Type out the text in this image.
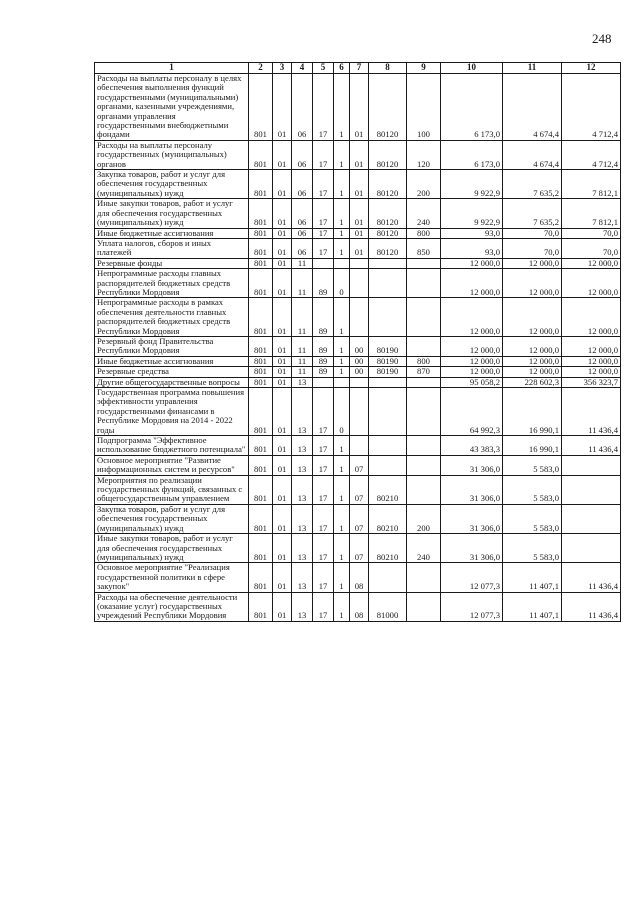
248
1	2	3	4	5	6	7	8	9	10	11	12
Расходы на выплаты персоналу в целях обеспечения выполнения функций государственными (муниципальными) органами, казенными учреждениями, органами управления государственными внебюджетными фондами	801	01	06	17	1	01	80120	100	6 173,0	4 674,4	4 712,4
Расходы на выплаты персоналу государственных (муниципальных) органов	801	01	06	17	1	01	80120	120	6 173,0	4 674,4	4 712,4
Закупка товаров, работ и услуг для обеспечения государственных (муниципальных) нужд	801	01	06	17	1	01	80120	200	9 922,9	7 635,2	7 812,1
Иные закупки товаров, работ и услуг для обеспечения государственных (муниципальных) нужд	801	01	06	17	1	01	80120	240	9 922,9	7 635,2	7 812,1
Иные бюджетные ассигнования	801	01	06	17	1	01	80120	800	93,0	70,0	70,0
Уплата налогов, сборов и иных платежей	801	01	06	17	1	01	80120	850	93,0	70,0	70,0
Резервные фонды	801	01	11						12 000,0	12 000,0	12 000,0
Непрограммные расходы главных распорядителей бюджетных средств Республики Мордовия	801	01	11	89	0				12 000,0	12 000,0	12 000,0
Непрограммные расходы в рамках обеспечения деятельности главных распорядителей бюджетных средств Республики Мордовия	801	01	11	89	1				12 000,0	12 000,0	12 000,0
Резервный фонд Правительства Республики Мордовия	801	01	11	89	1	00	80190		12 000,0	12 000,0	12 000,0
Иные бюджетные ассигнования	801	01	11	89	1	00	80190	800	12 000,0	12 000,0	12 000,0
Резервные средства	801	01	11	89	1	00	80190	870	12 000,0	12 000,0	12 000,0
Другие общегосударственные вопросы	801	01	13						95 058,2	228 602,3	356 323,7
Государственная программа повышения эффективности управления государственными финансами в Республике Мордовия на 2014 - 2022 годы	801	01	13	17	0				64 992,3	16 990,1	11 436,4
Подпрограмма "Эффективное использование бюджетного потенциала"	801	01	13	17	1				43 383,3	16 990,1	11 436,4
Основное мероприятие "Развитие информационных систем и ресурсов"	801	01	13	17	1	07			31 306,0	5 583,0	
Мероприятия по реализации государственных функций, связанных с общегосударственным управлением	801	01	13	17	1	07	80210		31 306,0	5 583,0	
Закупка товаров, работ и услуг для обеспечения государственных (муниципальных) нужд	801	01	13	17	1	07	80210	200	31 306,0	5 583,0	
Иные закупки товаров, работ и услуг для обеспечения государственных (муниципальных) нужд	801	01	13	17	1	07	80210	240	31 306,0	5 583,0	
Основное мероприятие "Реализация государственной политики в сфере закупок"	801	01	13	17	1	08			12 077,3	11 407,1	11 436,4
Расходы на обеспечение деятельности (оказание услуг) государственных учреждений Республики Мордовия	801	01	13	17	1	08	81000		12 077,3	11 407,1	11 436,4
